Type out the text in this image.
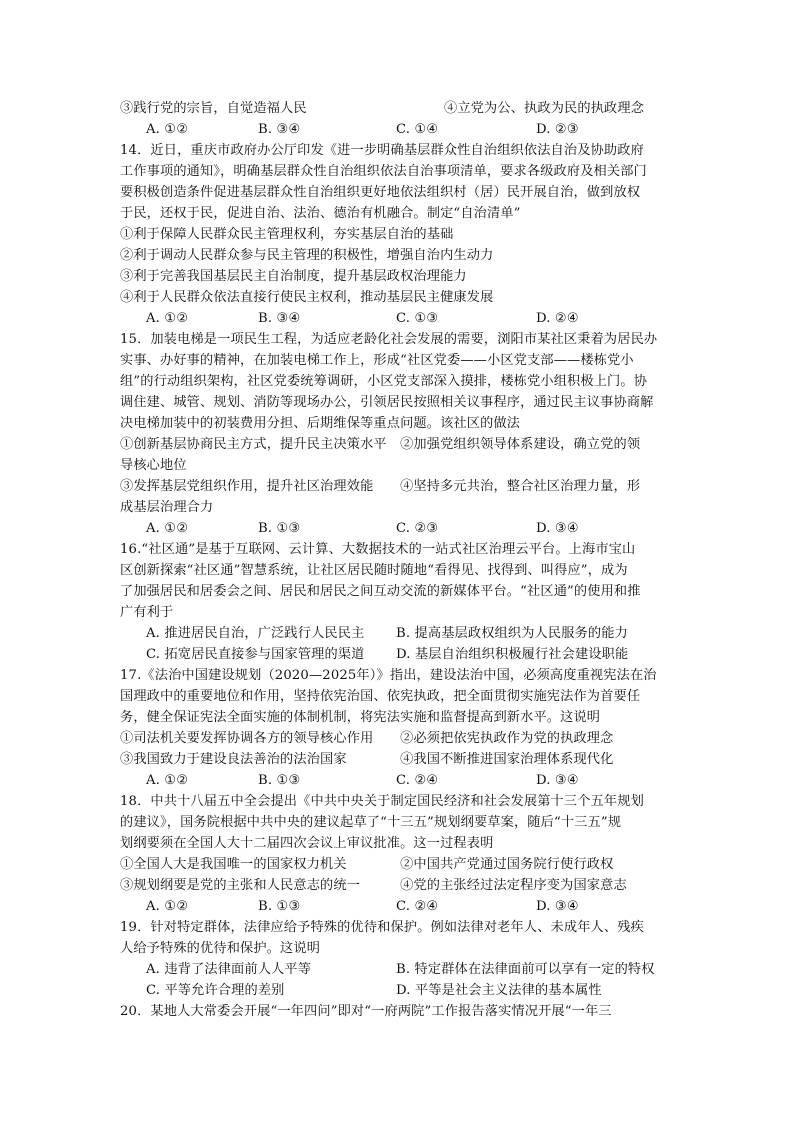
③践行党的宗旨，自觉造福人民	④立党为公、执政为民的执政理念
A. ①②	B. ③④	C. ①④	D. ②③
14．近日，重庆市政府办公厅印发《进一步明确基层群众性自治组织依法自治及协助政府
工作事项的通知》，明确基层群众性自治组织依法自治事项清单，要求各级政府及相关部门
要积极创造条件促进基层群众性自治组织更好地依法组织村（居）民开展自治，做到放权
于民，还权于民，促进自治、法治、德治有机融合。制定“自治清单”
①利于保障人民群众民主管理权利，夯实基层自治的基础
②利于调动人民群众参与民主管理的积极性，增强自治内生动力
③利于完善我国基层民主自治制度，提升基层政权治理能力
④利于人民群众依法直接行使民主权利，推动基层民主健康发展
A. ①②	B. ③④	C. ①③	D. ②④
15．加装电梯是一项民生工程，为适应老龄化社会发展的需要，浏阳市某社区秉着为居民办
实事、办好事的精神，在加装电梯工作上，形成“社区党委——小区党支部——楼栋党小
组”的行动组织架构，社区党委统筹调研，小区党支部深入摸排，楼栋党小组积极上门。协
调住建、城管、规划、消防等现场办公，引领居民按照相关议事程序，通过民主议事协商解
决电梯加装中的初装费用分担、后期维保等重点问题。该社区的做法
①创新基层协商民主方式，提升民主决策水平　②加强党组织领导体系建设，确立党的领
导核心地位
③发挥基层党组织作用，提升社区治理效能　　④坚持多元共治，整合社区治理力量，形
成基层治理合力
A. ①②	B. ①③	C. ②③	D. ③④
16.“社区通”是基于互联网、云计算、大数据技术的一站式社区治理云平台。上海市宝山
区创新探索“社区通”智慧系统，让社区居民随时随地“看得见、找得到、叫得应”，成为
了加强居民和居委会之间、居民和居民之间互动交流的新媒体平台。“社区通”的使用和推
广有利于
A. 推进居民自治，广泛践行人民民主 B. 提高基层政权组织为人民服务的能力
C. 拓宽居民直接参与国家管理的渠道 D. 基层自治组织积极履行社会建设职能
17.《法治中国建设规划（2020—2025年）》指出，建设法治中国，必须高度重视宪法在治
国理政中的重要地位和作用，坚持依宪治国、依宪执政，把全面贯彻实施宪法作为首要任
务，健全保证宪法全面实施的体制机制，将宪法实施和监督提高到新水平。这说明
①司法机关要发挥协调各方的领导核心作用　　②必须把依宪执政作为党的执政理念
③我国致力于建设良法善治的法治国家　　　　④我国不断推进国家治理体系现代化
A. ①②	B. ①③	C. ②④	D. ③④
18．中共十八届五中全会提出《中共中央关于制定国民经济和社会发展第十三个五年规划
的建议》，国务院根据中共中央的建议起草了“十三五”规划纲要草案，随后“十三五”规
划纲要须在全国人大十二届四次会议上审议批准。这一过程表明
①全国人大是我国唯一的国家权力机关　　　　②中国共产党通过国务院行使行政权
③规划纲要是党的主张和人民意志的统一　　　④党的主张经过法定程序变为国家意志
A. ①②	B. ①③	C. ②④	D. ③④
19．针对特定群体，法律应给予特殊的优待和保护。例如法律对老年人、未成年人、残疾
人给予特殊的优待和保护。这说明
A. 违背了法律面前人人平等	B. 特定群体在法律面前可以享有一定的特权
C. 平等允许合理的差别	D. 平等是社会主义法律的基本属性
20．某地人大常委会开展“一年四问”即对“一府两院”工作报告落实情况开展“一年三
